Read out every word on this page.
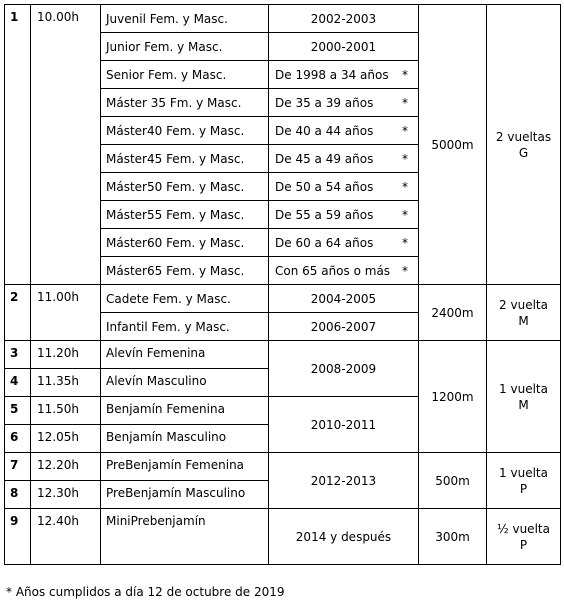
1	10.00h	Juvenil Fem. y Masc.	2002-2003	5000m	2 vueltas
G
		Junior Fem. y Masc.	2000-2001		
		Senior Fem. y Masc.	De 1998 a 34 años *		

		Máster 35 Fm. y Masc.	De 35 a 39 años *		

		Máster40 Fem. y Masc.	De 40 a 44 años *		

		Máster45 Fem. y Masc.	De 45 a 49 años *		

		Máster50 Fem. y Masc.	De 50 a 54 años *		

		Máster55 Fem. y Masc.	De 55 a 59 años *		

		Máster60 Fem. y Masc.	De 60 a 64 años *		

		Máster65 Fem. y Masc.	Con 65 años o más *		

2	11.00h	Cadete Fem. y Masc.	2004-2005	2400m	2 vuelta
M
		Infantil Fem. y Masc.	2006-2007		
3	11.20h	Alevín Femenina	2008-2009	1200m	1 vuelta
M
4	11.35h	Alevín Masculino			
5	11.50h	Benjamín Femenina	2010-2011		
6	12.05h	Benjamín Masculino			
7	12.20h	PreBenjamín Femenina	2012-2013	500m	1 vuelta
P
8	12.30h	PreBenjamín Masculino			
9	12.40h	MiniPrebenjamín	2014 y después	300m	½ vuelta
P
* Años cumplidos a día 12 de octubre de 2019
